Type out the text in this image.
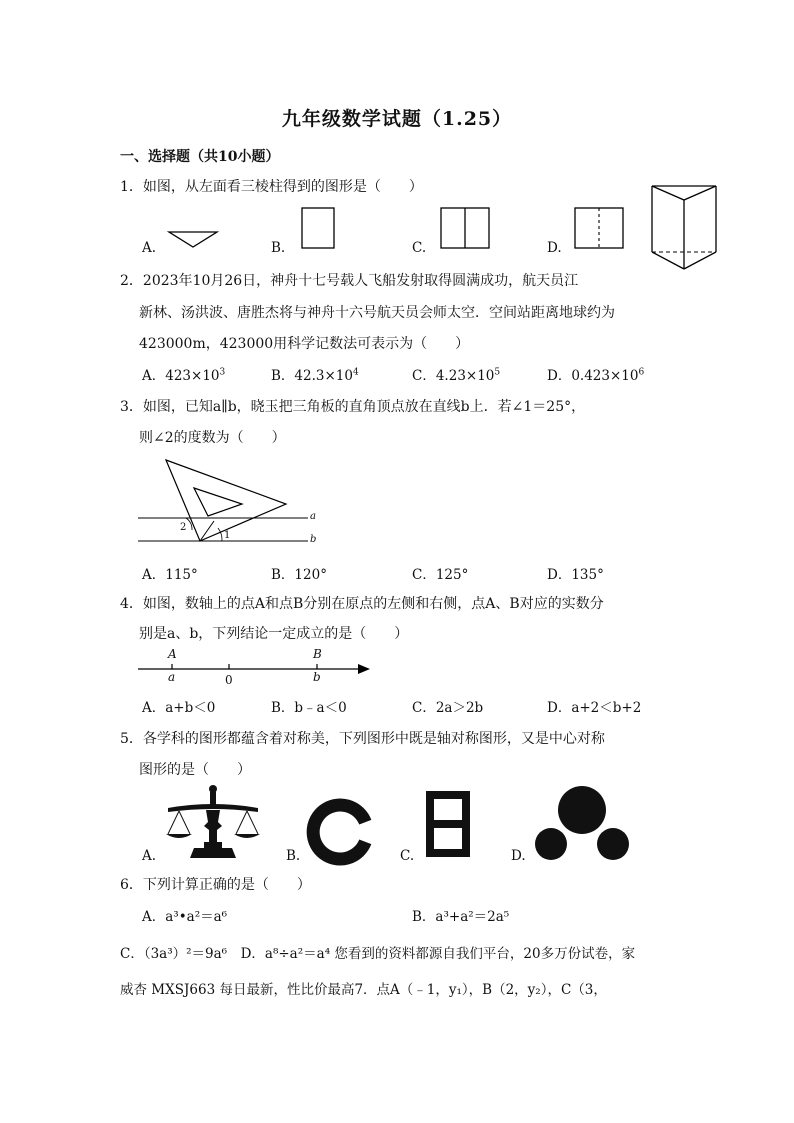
九年级数学试题（1.25）
一、选择题（共10小题）
1．如图，从左面看三棱柱得到的图形是（　　）
A.	B.	C.	D.
2．2023年10月26日，神舟十七号载人飞船发射取得圆满成功，航天员江
新林、汤洪波、唐胜杰将与神舟十六号航天员会师太空．空间站距离地球约为
423000m，423000用科学记数法可表示为（　　）
A．$423\times 10^3$	B．$42.3\times 10^4$	C．$4.23\times 10^5$	D．$0.423\times 10^6$
3．如图，已知a∥b，晓玉把三角板的直角顶点放在直线b上．若∠1＝25°，
则∠2的度数为（　　）
a
b
1
2
A．115°	B．120°	C．125°	D．135°
4．如图，数轴上的点A和点B分别在原点的左侧和右侧，点A、B对应的实数分
别是a、b，下列结论一定成立的是（　　）
A
a	0
B
b
A．a+b＜0	B．b﹣a＜0	C．2a＞2b	D．a+2＜b+2
5．各学科的图形都蕴含着对称美，下列图形中既是轴对称图形，又是中心对称
图形的是（　　）
A.	B.	C.	D.
6．下列计算正确的是（　　）
A．a³•a²＝a⁶	B．a³+a²＝2a⁵
C．（3a³）²＝9a⁶　D．a⁸÷a²＝a⁴ 您看到的资料都源自我们平台，20多万份试卷，家
威杏 MXSJ663 每日最新，性比价最高7．点A（﹣1，y₁），B（2，y₂），C（3，
